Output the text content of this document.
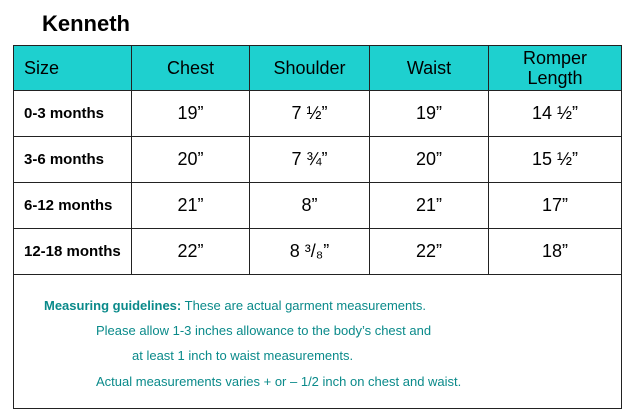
Kenneth
Size	Chest	Shoulder	Waist	Romper
Length

0-3 months	19”	7 ½”	19”	14 ½”
3-6 months	20”	7 ¾”	20”	15 ½”
6-12 months	21”	8”	21”	17”
12-18 months	22”	8 ³/₈”	22”	18”
Measuring guidelines: These are actual garment measurements.
Please allow 1-3 inches allowance to the body’s chest and
at least 1 inch to waist measurements.
Actual measurements varies + or – 1/2 inch on chest and waist.
